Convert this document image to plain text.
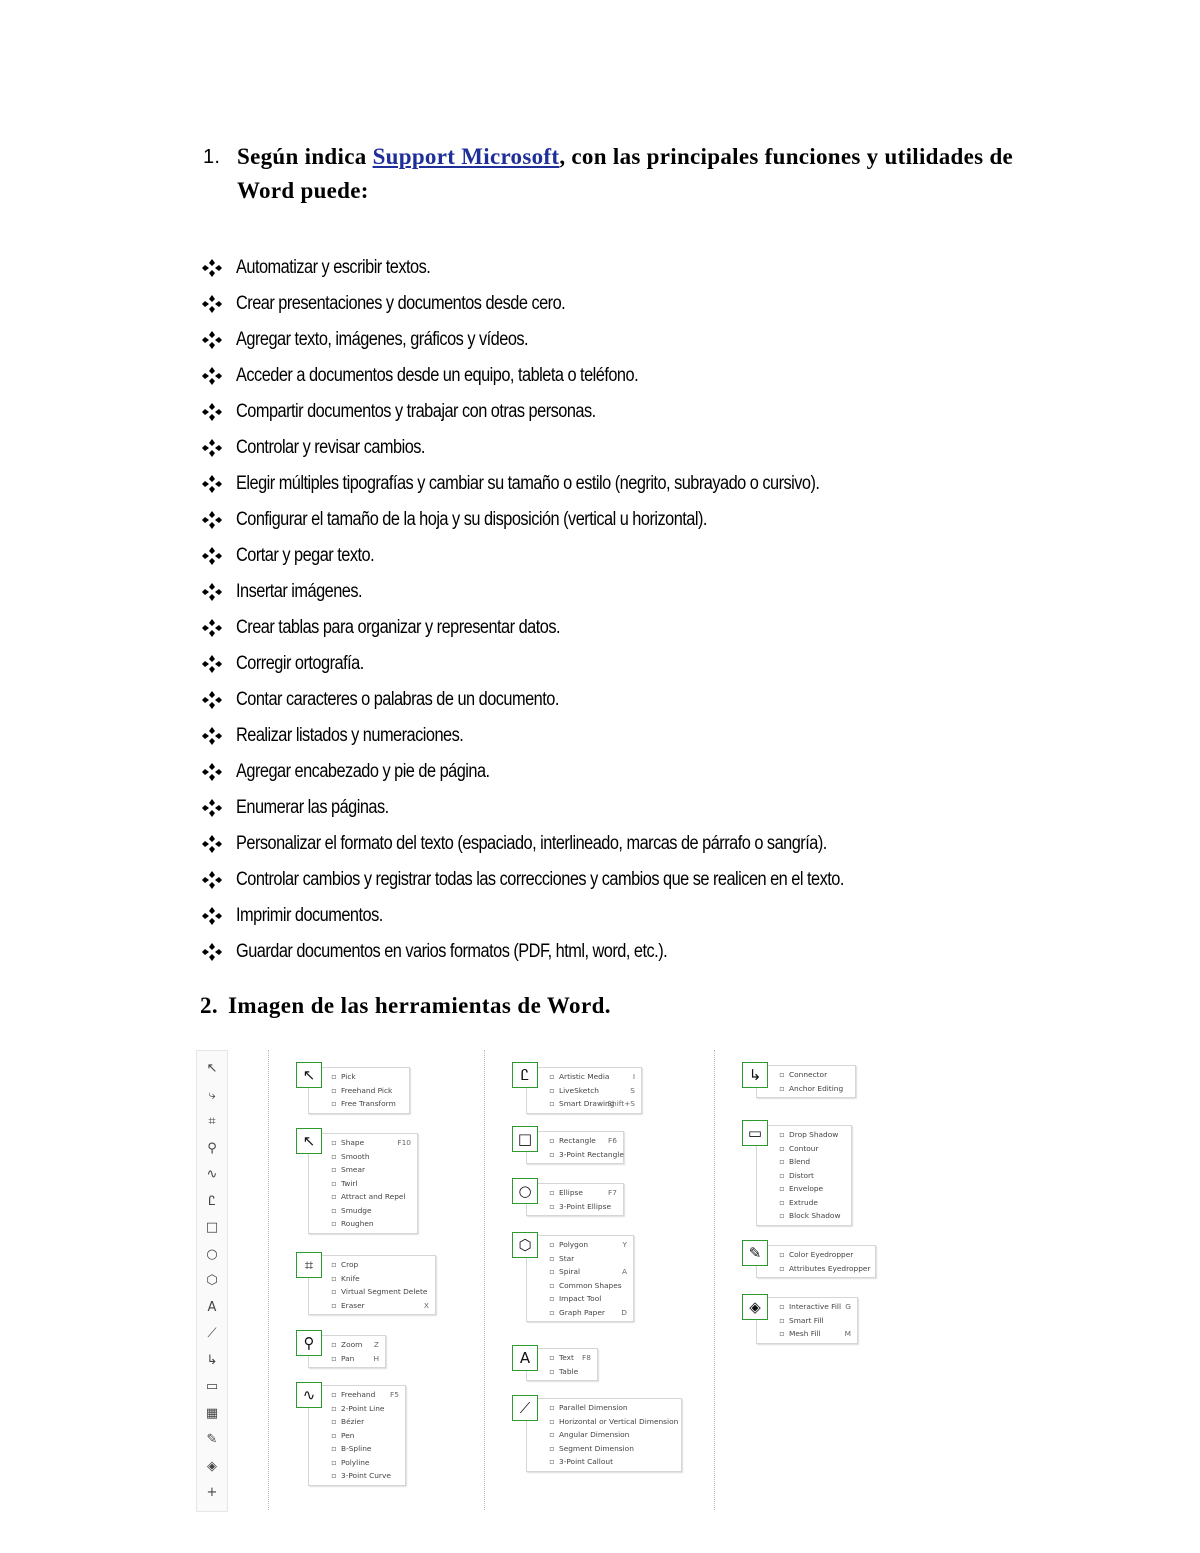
1. Según indica Support Microsoft, con las principales funciones y utilidades de Word puede:
Automatizar y escribir textos.
Crear presentaciones y documentos desde cero.
Agregar texto, imágenes, gráficos y vídeos.
Acceder a documentos desde un equipo, tableta o teléfono.
Compartir documentos y trabajar con otras personas.
Controlar y revisar cambios.
Elegir múltiples tipografías y cambiar su tamaño o estilo (negrito, subrayado o cursivo).
Configurar el tamaño de la hoja y su disposición (vertical u horizontal).
Cortar y pegar texto.
Insertar imágenes.
Crear tablas para organizar y representar datos.
Corregir ortografía.
Contar caracteres o palabras de un documento.
Realizar listados y numeraciones.
Agregar encabezado y pie de página.
Enumerar las páginas.
Personalizar el formato del texto (espaciado, interlineado, marcas de párrafo o sangría).
Controlar cambios y registrar todas las correcciones y cambios que se realicen en el texto.
Imprimir documentos.
Guardar documentos en varios formatos (PDF, html, word, etc.).
2. Imagen de las herramientas de Word.
↖
⤷
⌗
⚲
∿
Ꮭ
□
○
⬡
A
⟋
↳
▭
▦
✎
◈
+
▫ Pick
▫ Freehand Pick
▫ Free Transform
↖
▫ Shape	F10
▫ Smooth
▫ Smear
▫ Twirl
▫ Attract and Repel
▫ Smudge
▫ Roughen
↖
▫ Crop
▫ Knife
▫ Virtual Segment Delete
▫ Eraser	X
⌗
▫ Zoom Z
▫ Pan	H
⚲
▫ Freehand F5
▫ 2-Point Line
▫ Bézier
▫ Pen
▫ B-Spline
▫ Polyline
▫ 3-Point Curve
∿
▫ Artistic Media	I
▫ LiveSketch	S
▫ Smart Drawing
Shift+S
Ꮭ
▫ Rectangle F6
▫ 3-Point Rectangle
□
▫ Ellipse	F7
▫ 3-Point Ellipse
○
▫ Polygon	Y
▫ Star
▫ Spiral	A
▫ Common Shapes
▫ Impact Tool
▫ Graph Paper D
⬡
▫ Text F8
▫ Table
A
▫ Parallel Dimension
▫ Horizontal or Vertical Dimension
▫ Angular Dimension
▫ Segment Dimension
▫ 3-Point Callout
⟋
▫ Connector
▫ Anchor Editing
↳
▫ Drop Shadow
▫ Contour
▫ Blend
▫ Distort
▫ Envelope
▫ Extrude
▫ Block Shadow
▭
▫ Color Eyedropper
▫ Attributes Eyedropper
✎
▫ Interactive Fill G
▫ Smart Fill
▫ Mesh Fill	M
◈
